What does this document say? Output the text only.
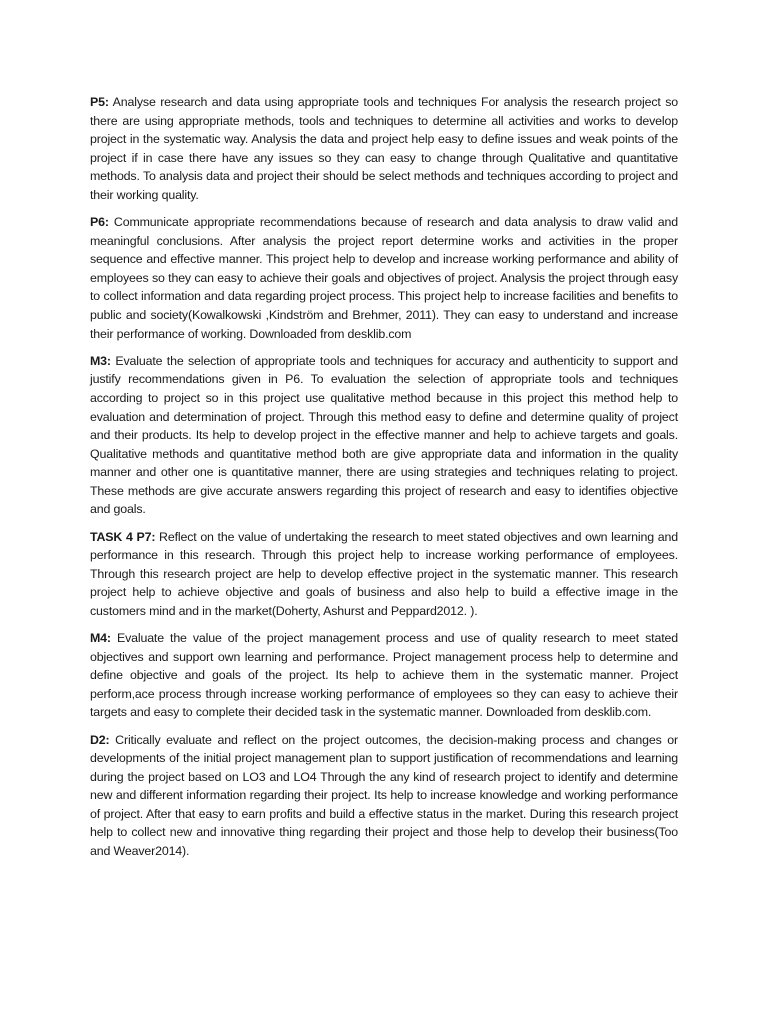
P5: Analyse research and data using appropriate tools and techniques For analysis the research project so there are using appropriate methods, tools and techniques to determine all activities and works to develop project in the systematic way. Analysis the data and project help easy to define issues and weak points of the project if in case there have any issues so they can easy to change through Qualitative and quantitative methods. To analysis data and project their should be select methods and techniques according to project and their working quality.

P6: Communicate appropriate recommendations because of research and data analysis to draw valid and meaningful conclusions. After analysis the project report determine works and activities in the proper sequence and effective manner. This project help to develop and increase working performance and ability of employees so they can easy to achieve their goals and objectives of project. Analysis the project through easy to collect information and data regarding project process. This project help to increase facilities and benefits to public and society(Kowalkowski ,Kindström and Brehmer, 2011). They can easy to understand and increase their performance of working. Downloaded from desklib.com

M3: Evaluate the selection of appropriate tools and techniques for accuracy and authenticity to support and justify recommendations given in P6. To evaluation the selection of appropriate tools and techniques according to project so in this project use qualitative method because in this project this method help to evaluation and determination of project. Through this method easy to define and determine quality of project and their products. Its help to develop project in the effective manner and help to achieve targets and goals. Qualitative methods and quantitative method both are give appropriate data and information in the quality manner and other one is quantitative manner, there are using strategies and techniques relating to project. These methods are give accurate answers regarding this project of research and easy to identifies objective and goals.

TASK 4 P7: Reflect on the value of undertaking the research to meet stated objectives and own learning and performance in this research. Through this project help to increase working performance of employees. Through this research project are help to develop effective project in the systematic manner. This research project help to achieve objective and goals of business and also help to build a effective image in the customers mind and in the market(Doherty, Ashurst and Peppard2012. ).

M4: Evaluate the value of the project management process and use of quality research to meet stated objectives and support own learning and performance. Project management process help to determine and define objective and goals of the project. Its help to achieve them in the systematic manner. Project perform,ace process through increase working performance of employees so they can easy to achieve their targets and easy to complete their decided task in the systematic manner. Downloaded from desklib.com.

D2: Critically evaluate and reflect on the project outcomes, the decision-making process and changes or developments of the initial project management plan to support justification of recommendations and learning during the project based on LO3 and LO4 Through the any kind of research project to identify and determine new and different information regarding their project. Its help to increase knowledge and working performance of project. After that easy to earn profits and build a effective status in the market. During this research project help to collect new and innovative thing regarding their project and those help to develop their business(Too and Weaver2014).
